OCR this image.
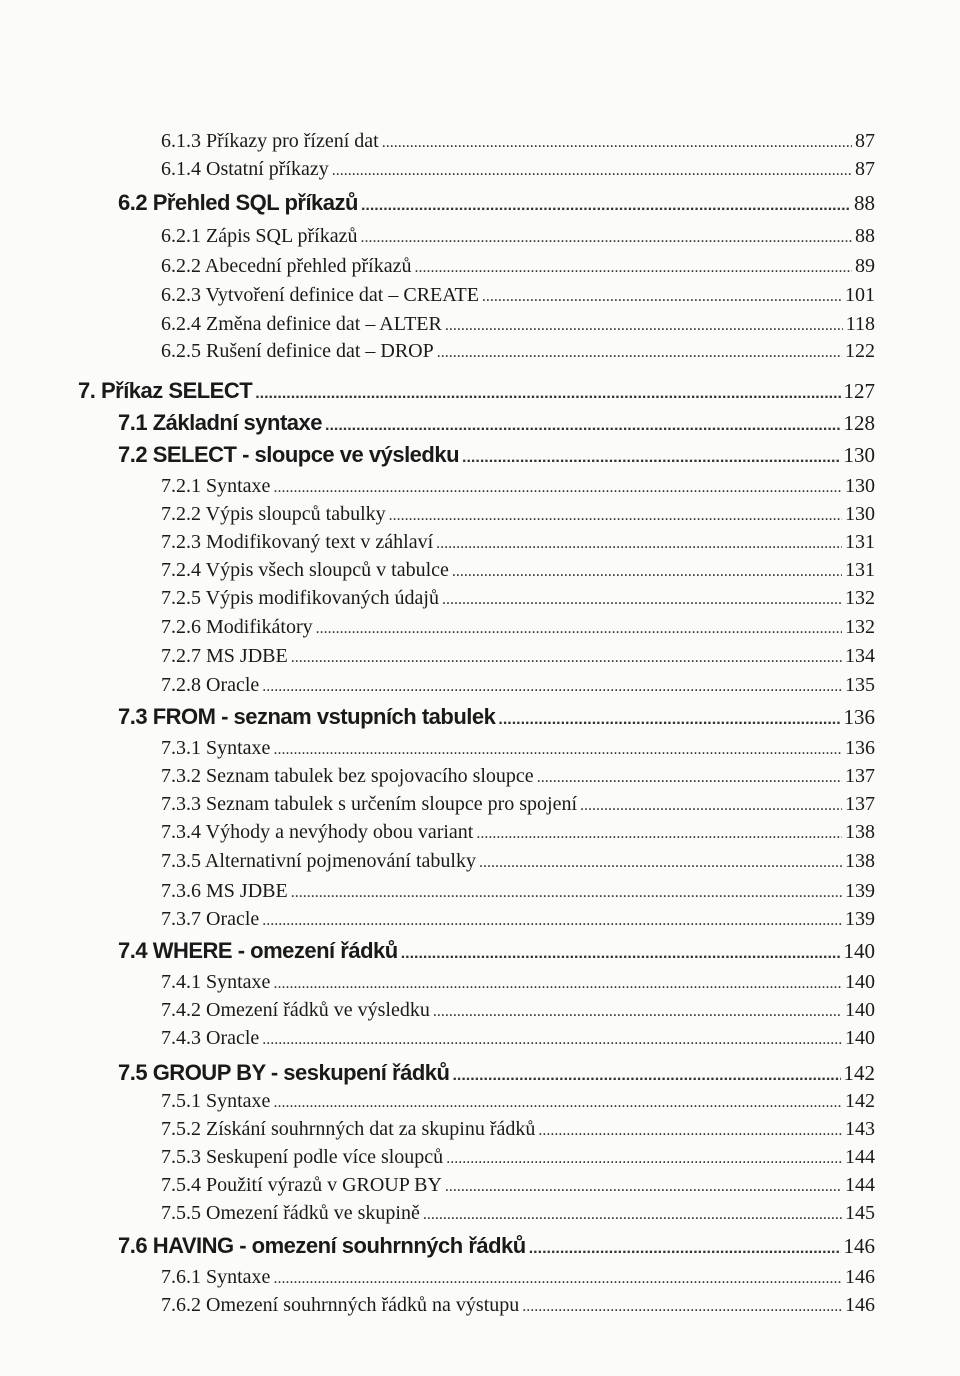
6.1.3 Příkazy pro řízení dat .....	87
6.1.4 Ostatní příkazy .....	87
6.2 Přehled SQL příkazů .....	88
6.2.1 Zápis SQL příkazů .....	88
6.2.2 Abecední přehled příkazů .....	89
6.2.3 Vytvoření definice dat – CREATE .....	101
6.2.4 Změna definice dat – ALTER .....	118
6.2.5 Rušení definice dat – DROP .....	122
7. Příkaz SELECT .....	127
7.1 Základní syntaxe .....	128
7.2 SELECT - sloupce ve výsledku .....	130
7.2.1 Syntaxe .....	130
7.2.2 Výpis sloupců tabulky .....	130
7.2.3 Modifikovaný text v záhlaví .....	131
7.2.4 Výpis všech sloupců v tabulce .....	131
7.2.5 Výpis modifikovaných údajů .....	132
7.2.6 Modifikátory .....	132
7.2.7 MS JDBE .....	134
7.2.8 Oracle .....	135
7.3 FROM - seznam vstupních tabulek .....	136
7.3.1 Syntaxe .....	136
7.3.2 Seznam tabulek bez spojovacího sloupce .....	137
7.3.3 Seznam tabulek s určením sloupce pro spojení .....	137
7.3.4 Výhody a nevýhody obou variant .....	138
7.3.5 Alternativní pojmenování tabulky .....	138
7.3.6 MS JDBE .....	139
7.3.7 Oracle .....	139
7.4 WHERE - omezení řádků .....	140
7.4.1 Syntaxe .....	140
7.4.2 Omezení řádků ve výsledku .....	140
7.4.3 Oracle .....	140
7.5 GROUP BY - seskupení řádků .....	142
7.5.1 Syntaxe .....	142
7.5.2 Získání souhrnných dat za skupinu řádků .....	143
7.5.3 Seskupení podle více sloupců .....	144
7.5.4 Použití výrazů v GROUP BY .....	144
7.5.5 Omezení řádků ve skupině .....	145
7.6 HAVING - omezení souhrnných řádků .....	146
7.6.1 Syntaxe .....	146
7.6.2 Omezení souhrnných řádků na výstupu .....	146
